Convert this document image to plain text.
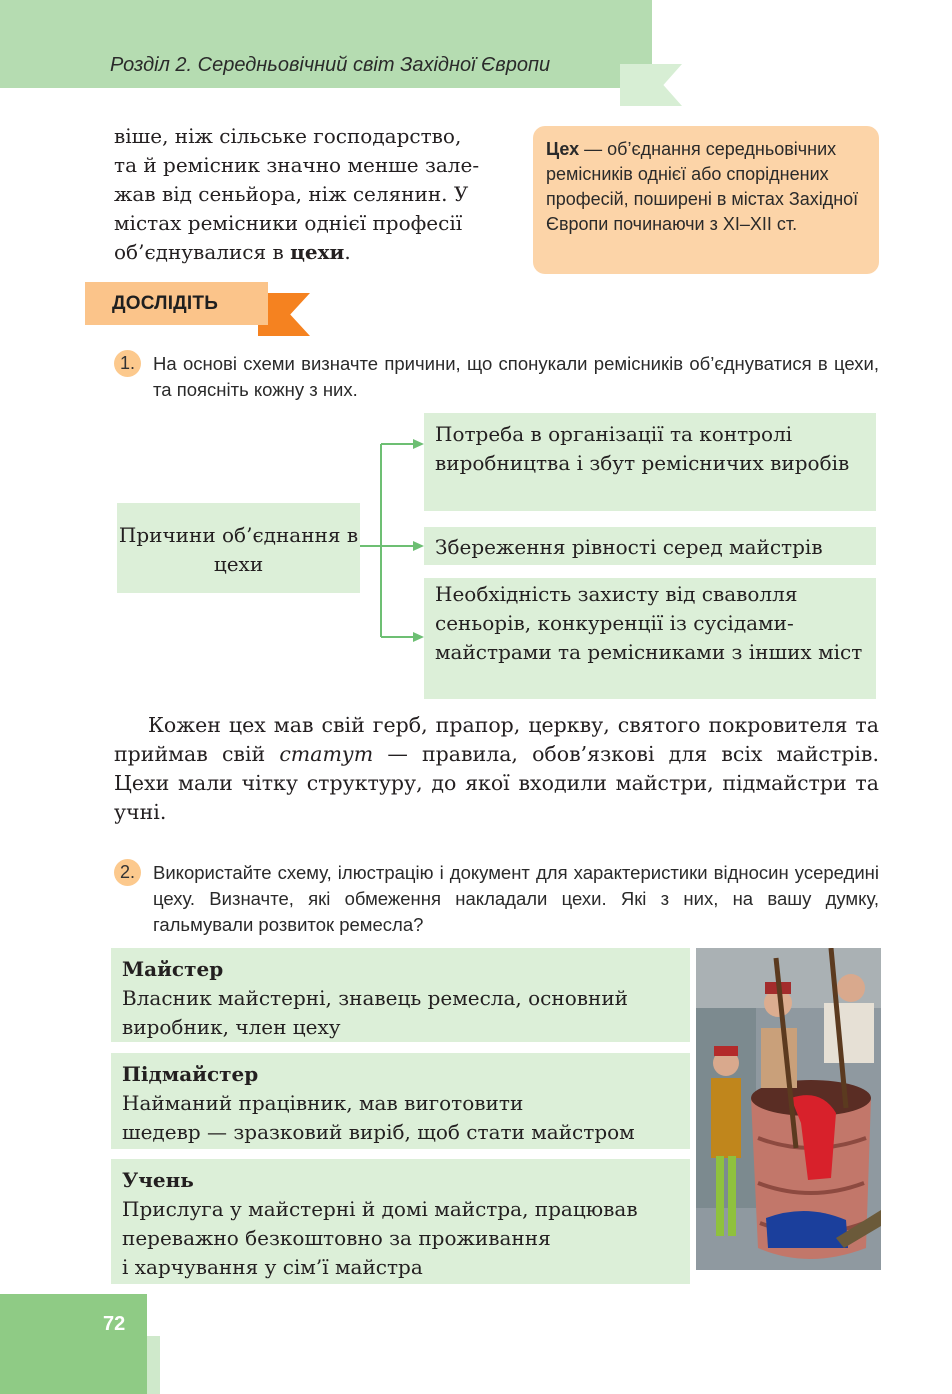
Розділ 2. Середньовічний світ Західної Європи

віше, ніж сільське господарство,

та й ремісник значно менше зале-

жав від сеньйора, ніж селянин. У

містах ремісники однієї професії

об’єднувалися в цехи.

Цех — об’єднання середньовічних ремісників однієї або споріднених професій, поширені в містах Західної Європи починаючи з XI–XII ст.
ДОСЛІДІТЬ
1. На основі схеми визначте причини, що спонукали ремісників об’єднуватися в цехи, та поясніть кожну з них.
Причини об’єднання в цехи
Потреба в організації та контролі виробництва і збут ремісничих виробів
Збереження рівності серед майстрів
Необхідність захисту від сваволля сеньорів, конкуренції із сусідами-майстрами та ремісниками з інших міст

Кожен цех мав свій герб, прапор, церкву, святого покровителя та приймав свій статут — правила, обов’язкові для всіх майстрів. Цехи мали чітку структуру, до якої входили майстри, підмайстри та учні.

2. Використайте схему, ілюстрацію і документ для характеристики відносин усередині цеху. Визначте, які обмеження накладали цехи. Які з них, на вашу думку, гальмували розвиток ремесла?
Майстер
Власник майстерні, знавець ремесла, основний
виробник, член цеху
Підмайстер
Найманий працівник, мав виготовити
шедевр — зразковий виріб, щоб стати майстром
Учень
Прислуга у майстерні й домі майстра, працював
переважно безкоштовно за проживання
і харчування у сім’ї майстра
72
